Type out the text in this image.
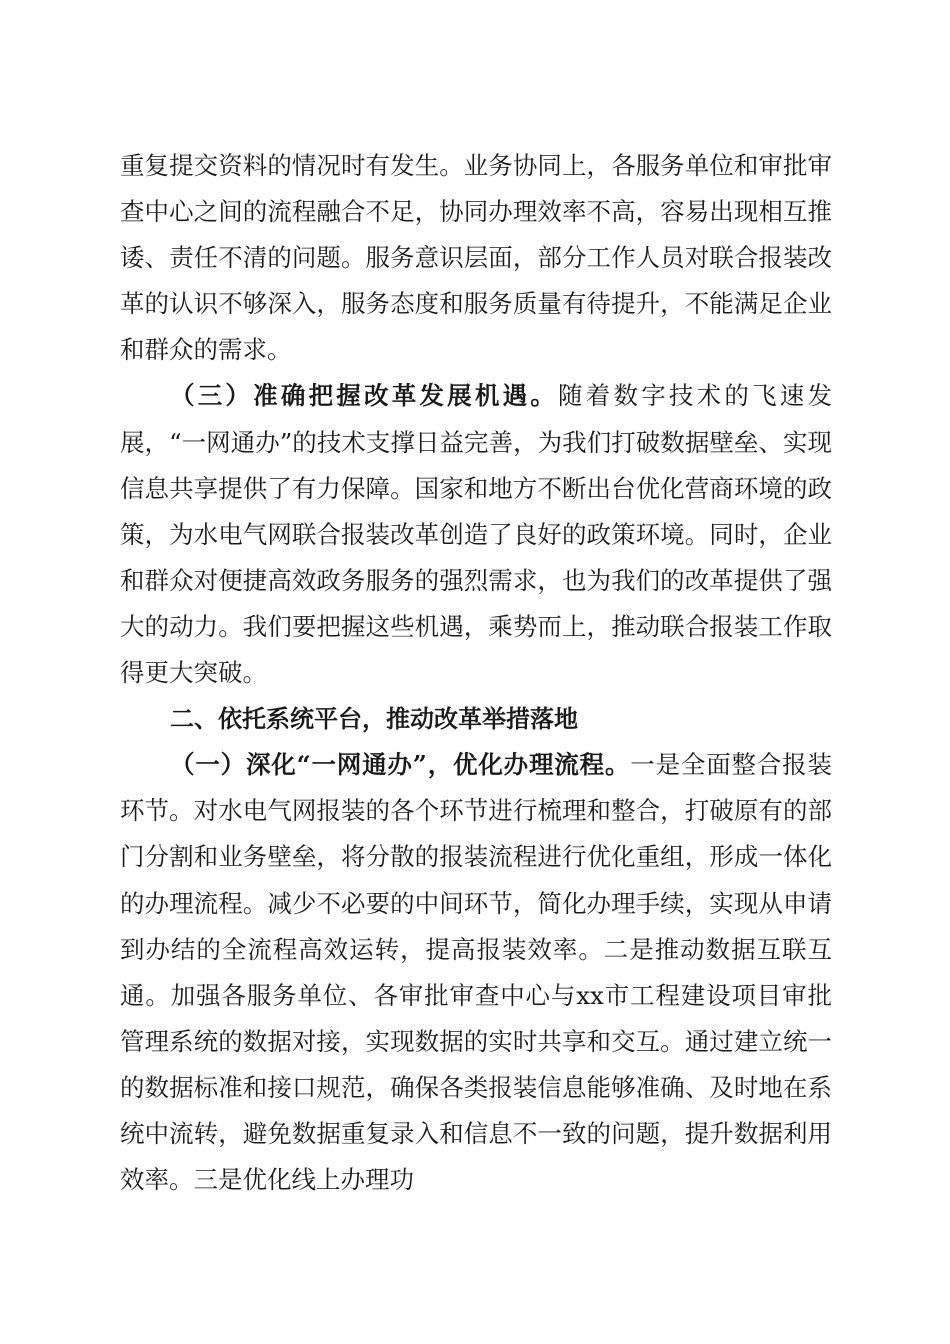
重复提交资料的情况时有发生。业务协同上，各服务单位和审批审查中心之间的流程融合不足，协同办理效率不高，容易出现相互推诿、责任不清的问题。服务意识层面，部分工作人员对联合报装改革的认识不够深入，服务态度和服务质量有待提升，不能满足企业和群众的需求。

（三）准确把握改革发展机遇。随着数字技术的飞速发展，“一网通办”的技术支撑日益完善，为我们打破数据壁垒、实现信息共享提供了有力保障。国家和地方不断出台优化营商环境的政策，为水电气网联合报装改革创造了良好的政策环境。同时，企业和群众对便捷高效政务服务的强烈需求，也为我们的改革提供了强大的动力。我们要把握这些机遇，乘势而上，推动联合报装工作取得更大突破。

二、依托系统平台，推动改革举措落地

（一）深化“一网通办”，优化办理流程。一是全面整合报装环节。对水电气网报装的各个环节进行梳理和整合，打破原有的部门分割和业务壁垒，将分散的报装流程进行优化重组，形成一体化的办理流程。减少不必要的中间环节，简化办理手续，实现从申请到办结的全流程高效运转，提高报装效率。二是推动数据互联互通。加强各服务单位、各审批审查中心与xx市工程建设项目审批管理系统的数据对接，实现数据的实时共享和交互。通过建立统一的数据标准和接口规范，确保各类报装信息能够准确、及时地在系统中流转，避免数据重复录入和信息不一致的问题，提升数据利用效率。三是优化线上办理功
